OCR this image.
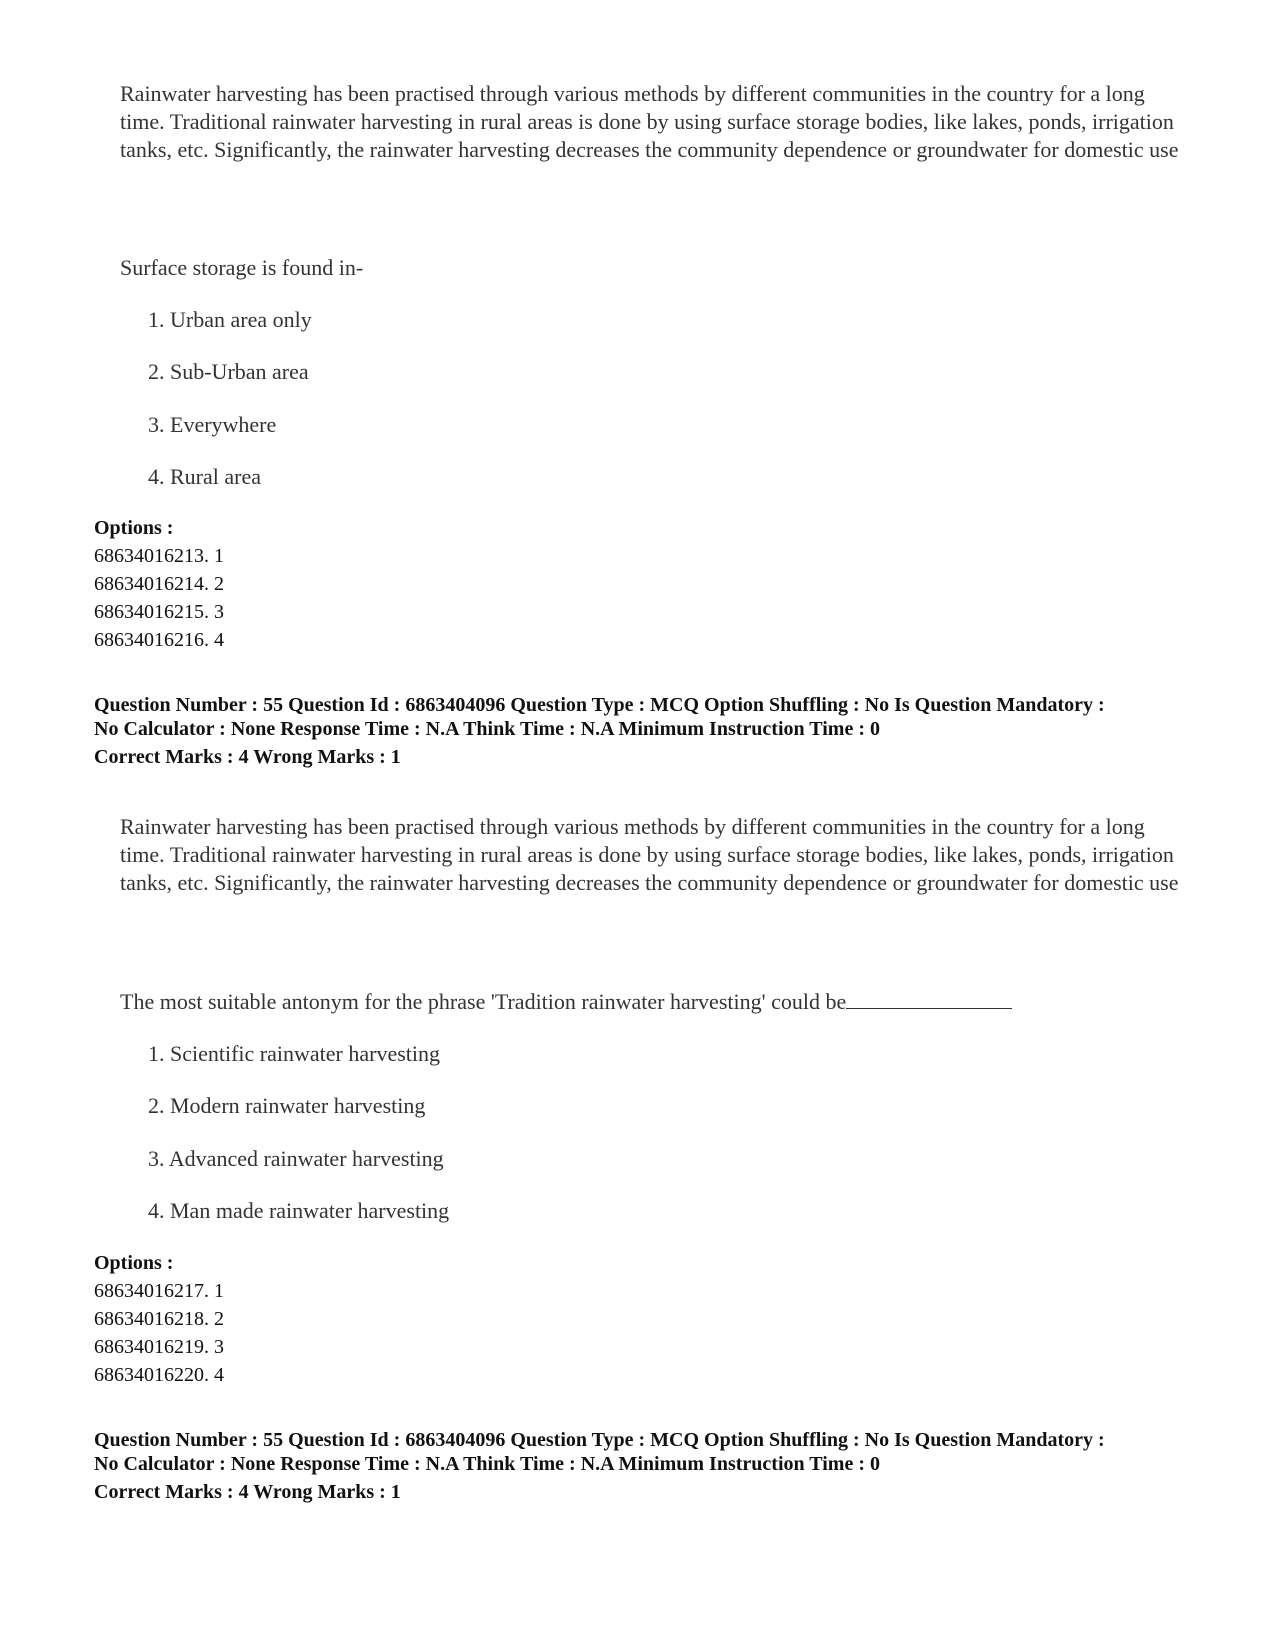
Rainwater harvesting has been practised through various methods by different communities in the country for a long time. Traditional rainwater harvesting in rural areas is done by using surface storage bodies, like lakes, ponds, irrigation tanks, etc. Significantly, the rainwater harvesting decreases the community dependence or groundwater for domestic use
Surface storage is found in-
1. Urban area only
2. Sub-Urban area
3. Everywhere
4. Rural area
Options :
68634016213. 1
68634016214. 2
68634016215. 3
68634016216. 4
Question Number : 55 Question Id : 6863404096 Question Type : MCQ Option Shuffling : No Is Question Mandatory :
No Calculator : None Response Time : N.A Think Time : N.A Minimum Instruction Time : 0
Correct Marks : 4 Wrong Marks : 1
Rainwater harvesting has been practised through various methods by different communities in the country for a long time. Traditional rainwater harvesting in rural areas is done by using surface storage bodies, like lakes, ponds, irrigation tanks, etc. Significantly, the rainwater harvesting decreases the community dependence or groundwater for domestic use
The most suitable antonym for the phrase 'Tradition rainwater harvesting' could be
1. Scientific rainwater harvesting
2. Modern rainwater harvesting
3. Advanced rainwater harvesting
4. Man made rainwater harvesting
Options :
68634016217. 1
68634016218. 2
68634016219. 3
68634016220. 4
Question Number : 55 Question Id : 6863404096 Question Type : MCQ Option Shuffling : No Is Question Mandatory :
No Calculator : None Response Time : N.A Think Time : N.A Minimum Instruction Time : 0
Correct Marks : 4 Wrong Marks : 1
